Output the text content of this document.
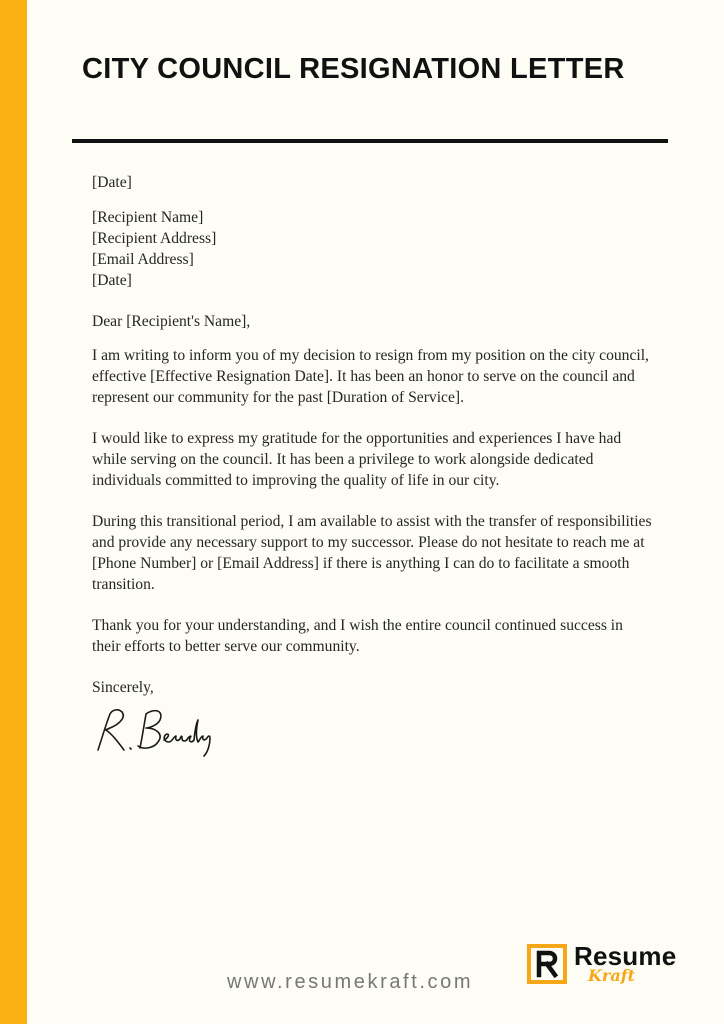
CITY COUNCIL RESIGNATION LETTER

[Date]

[Recipient Name]

[Recipient Address]

[Email Address]

[Date]

Dear [Recipient's Name],

I am writing to inform you of my decision to resign from my position on the city council, effective [Effective Resignation Date]. It has been an honor to serve on the council and represent our community for the past [Duration of Service].

I would like to express my gratitude for the opportunities and experiences I have had while serving on the council. It has been a privilege to work alongside dedicated individuals committed to improving the quality of life in our city.

During this transitional period, I am available to assist with the transfer of responsibilities and provide any necessary support to my successor. Please do not hesitate to reach me at [Phone Number] or [Email Address] if there is anything I can do to facilitate a smooth transition.

Thank you for your understanding, and I wish the entire council continued success in their efforts to better serve our community.

Sincerely,

www.resumekraft.com
Resume
Kraft
